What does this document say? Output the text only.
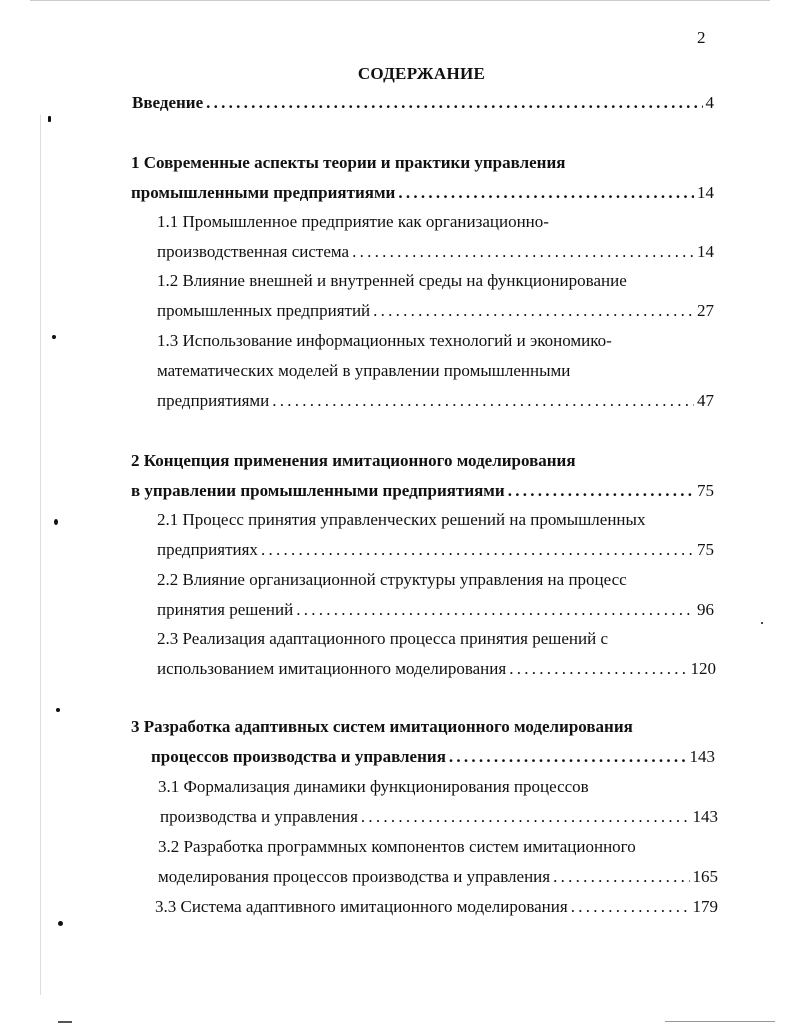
2
СОДЕРЖАНИЕ
Введение . . .	4
1 Современные аспекты теории и практики управления
промышленными предприятиями . . .	14
1.1 Промышленное предприятие как организационно-
производственная система . . .	14
1.2 Влияние внешней и внутренней среды на функционирование
промышленных предприятий . . .	27
1.3 Использование информационных технологий и экономико-
математических моделей в управлении промышленными
предприятиями . . .	47
2 Концепция применения имитационного моделирования
в управлении промышленными предприятиями . . .	75
2.1 Процесс принятия управленческих решений на промышленных
предприятиях . . .	75
2.2 Влияние организационной структуры управления на процесс
принятия решений . . .	96
2.3 Реализация адаптационного процесса принятия решений с
использованием имитационного моделирования . . .	120
3 Разработка адаптивных систем имитационного моделирования
процессов производства и управления . . .	143
3.1 Формализация динамики функционирования процессов
производства и управления . . .	143
3.2 Разработка программных компонентов систем имитационного
моделирования процессов производства и управления . . .	165
3.3 Система адаптивного имитационного моделирования . . .	179
